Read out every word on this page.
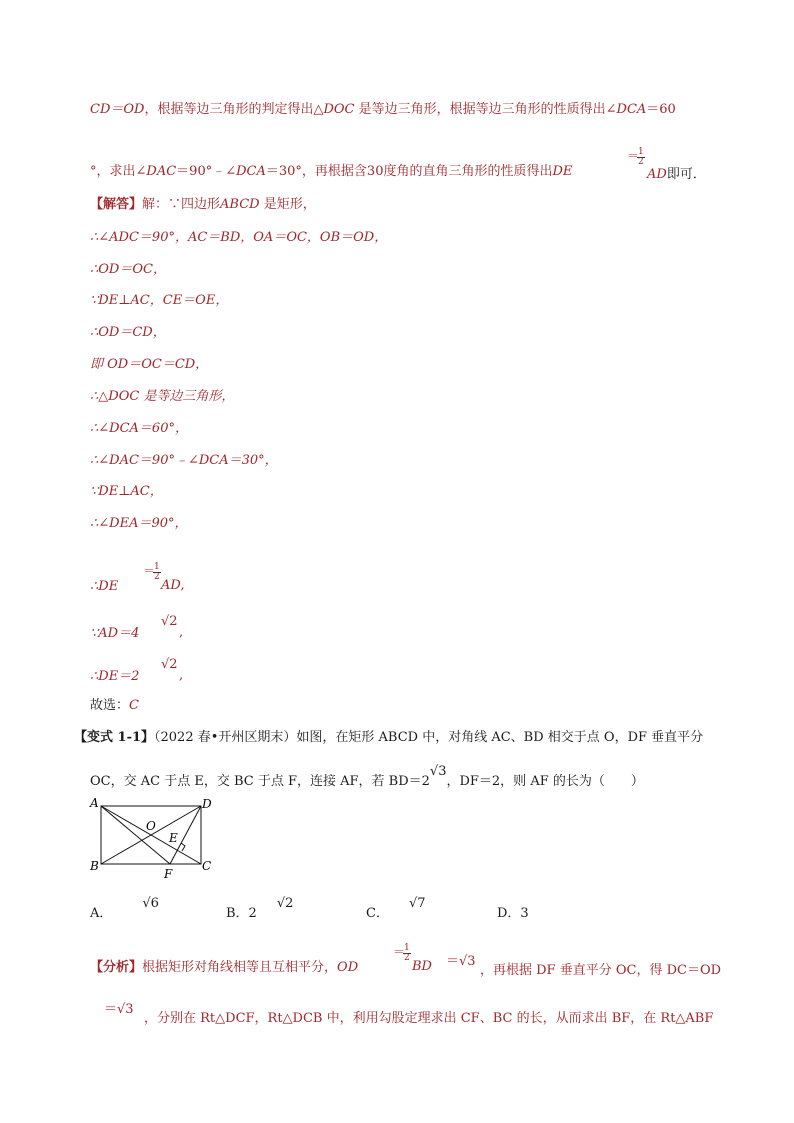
CD＝OD，根据等边三角形的判定得出△DOC 是等边三角形，根据等边三角形的性质得出∠DCA＝60
°，求出∠DAC＝90°﹣∠DCA＝30°，再根据含30度角的直角三角形的性质得出DE
＝
1
2
AD即可．
【解答】解：∵四边形ABCD 是矩形，
∴∠ADC＝90°，AC＝BD，OA＝OC，OB＝OD，
∴OD＝OC，
∵DE⊥AC，CE＝OE，
∴OD＝CD，
即 OD＝OC＝CD，
∴△DOC 是等边三角形，
∴∠DCA＝60°，
∴∠DAC＝90°﹣∠DCA＝30°，
∵DE⊥AC，
∴∠DEA＝90°，
∴DE
＝
1
2
AD,
∵AD＝4
√2
,
∴DE＝2
√2
,
故选：C
【变式 1-1】（2022 春•开州区期末）如图，在矩形 ABCD 中，对角线 AC、BD 相交于点 O，DF 垂直平分
OC，交 AC 于点 E，交 BC 于点 F，连接 AF，若 BD＝2√3，DF＝2，则 AF 的长为（　　）
A	D
B	C
O
E
F
A．√6
B．2√2
C．√7
D．3
【分析】根据矩形对角线相等且互相平分，OD
＝
1
2
BD ＝√3
，再根据 DF 垂直平分 OC，得 DC＝OD
＝√3
，分别在 Rt△DCF，Rt△DCB 中，利用勾股定理求出 CF、BC 的长，从而求出 BF，在 Rt△ABF
